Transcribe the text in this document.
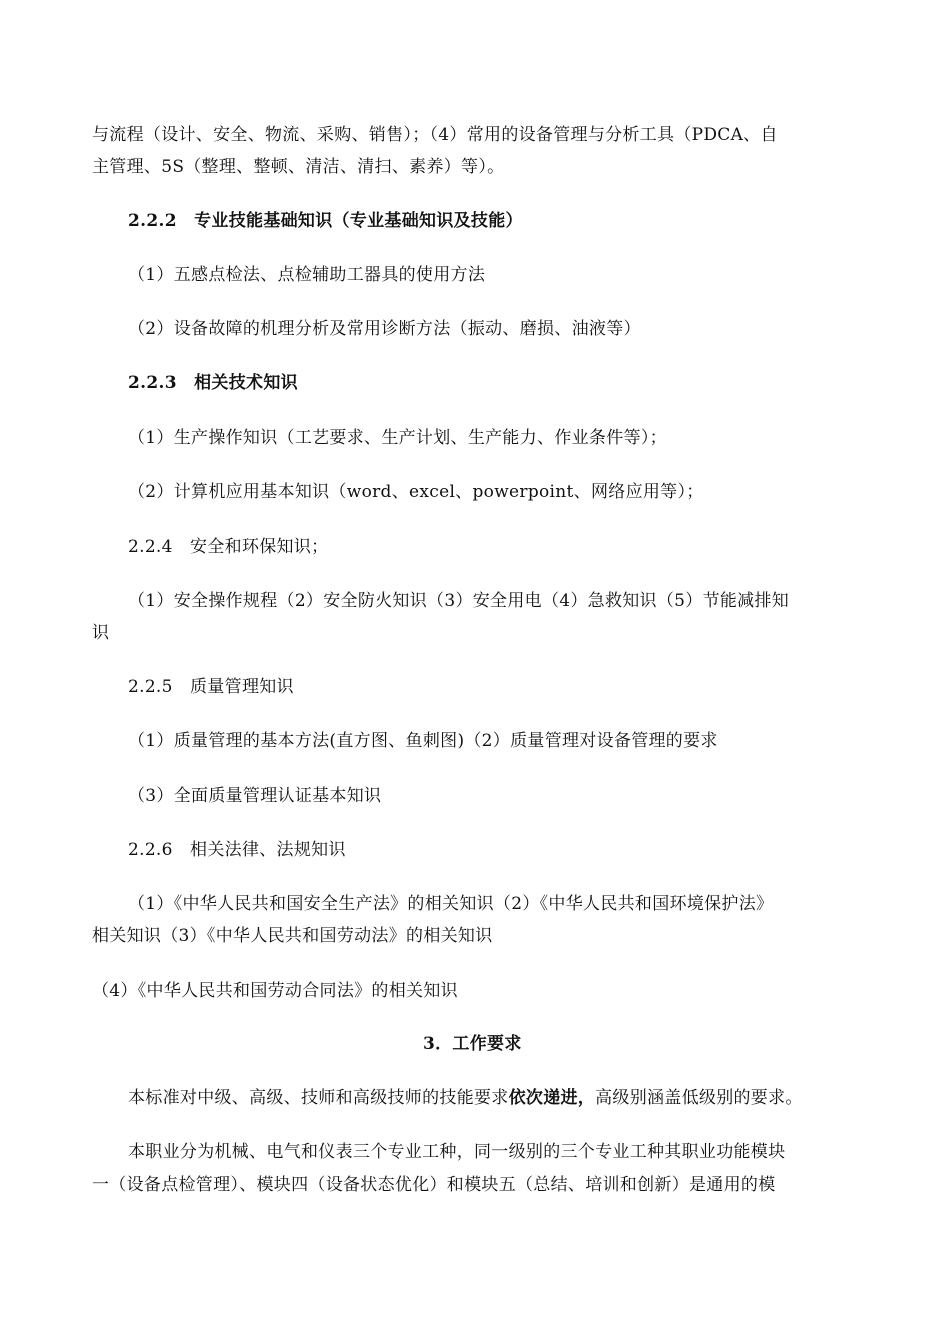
与流程（设计、安全、物流、采购、销售）；（4）常用的设备管理与分析工具（PDCA、自
主管理、5S（整理、整顿、清洁、清扫、素养）等）。
2.2.2　专业技能基础知识（专业基础知识及技能）
（1）五感点检法、点检辅助工器具的使用方法
（2）设备故障的机理分析及常用诊断方法（振动、磨损、油液等）
2.2.3　相关技术知识
（1）生产操作知识（工艺要求、生产计划、生产能力、作业条件等）；
（2）计算机应用基本知识（word、excel、powerpoint、网络应用等）；
2.2.4　安全和环保知识；
（1）安全操作规程（2）安全防火知识（3）安全用电（4）急救知识（5）节能减排知
识
2.2.5　质量管理知识
（1）质量管理的基本方法(直方图、鱼刺图)（2）质量管理对设备管理的要求
（3）全面质量管理认证基本知识
2.2.6　相关法律、法规知识
（1）《中华人民共和国安全生产法》的相关知识（2）《中华人民共和国环境保护法》
相关知识（3）《中华人民共和国劳动法》的相关知识
（4）《中华人民共和国劳动合同法》的相关知识
3．工作要求
本标准对中级、高级、技师和高级技师的技能要求依次递进，高级别涵盖低级别的要求。
本职业分为机械、电气和仪表三个专业工种，同一级别的三个专业工种其职业功能模块
一（设备点检管理）、模块四（设备状态优化）和模块五（总结、培训和创新）是通用的模
